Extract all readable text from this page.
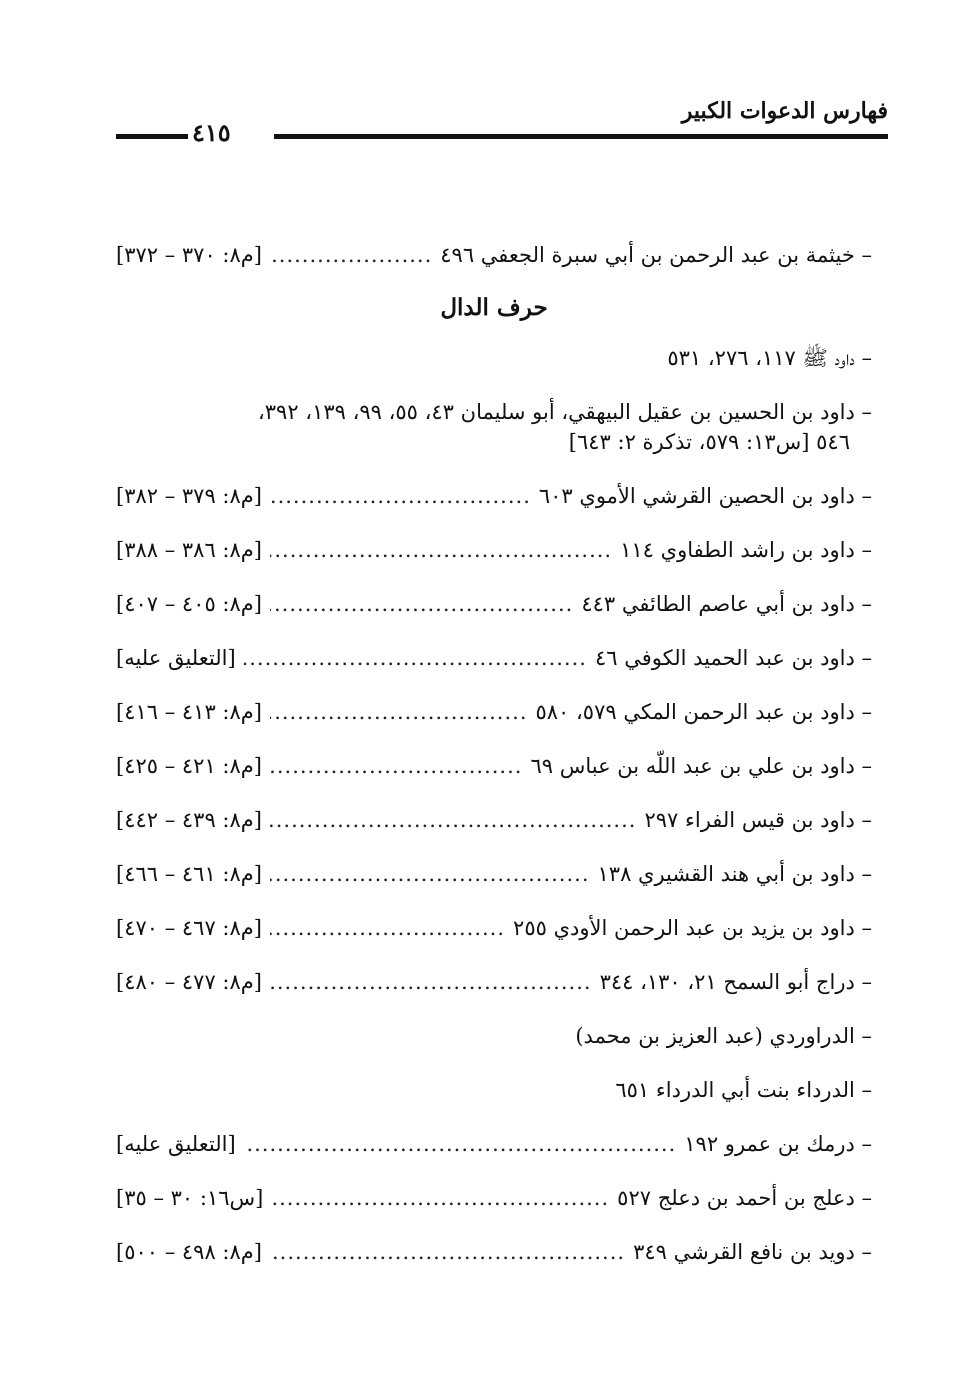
فهارس الدعوات الكبير
٤١٥
– خيثمة بن عبد الرحمن بن أبي سبرة الجعفي ٤٩٦
.....
[م٨: ٣٧٠ – ٣٧٢]
حرف الدال
– داود ﷺ ١١٧، ٢٧٦، ٥٣١
– داود بن الحسين بن عقيل البيهقي، أبو سليمان ٤٣، ٥٥، ٩٩، ١٣٩، ٣٩٢،
٥٤٦ [س١٣: ٥٧٩، تذكرة ٢: ٦٤٣]
– داود بن الحصين القرشي الأموي ٦٠٣
.....
[م٨: ٣٧٩ – ٣٨٢]
– داود بن راشد الطفاوي ١١٤
.....
[م٨: ٣٨٦ – ٣٨٨]
– داود بن أبي عاصم الطائفي ٤٤٣
.....
[م٨: ٤٠٥ – ٤٠٧]
– داود بن عبد الحميد الكوفي ٤٦
.....
[التعليق عليه]
– داود بن عبد الرحمن المكي ٥٧٩، ٥٨٠
.....
[م٨: ٤١٣ – ٤١٦]
– داود بن علي بن عبد اللّه بن عباس ٦٩
.....
[م٨: ٤٢١ – ٤٢٥]
– داود بن قيس الفراء ٢٩٧
.....
[م٨: ٤٣٩ – ٤٤٢]
– داود بن أبي هند القشيري ١٣٨
.....
[م٨: ٤٦١ – ٤٦٦]
– داود بن يزيد بن عبد الرحمن الأودي ٢٥٥
.....
[م٨: ٤٦٧ – ٤٧٠]
– دراج أبو السمح ٢١، ١٣٠، ٣٤٤
.....
[م٨: ٤٧٧ – ٤٨٠]
– الدراوردي (عبد العزيز بن محمد)
– الدرداء بنت أبي الدرداء ٦٥١
– درمك بن عمرو ١٩٢
.....
[التعليق عليه]
– دعلج بن أحمد بن دعلج ٥٢٧
.....
[س١٦: ٣٠ – ٣٥]
– دويد بن نافع القرشي ٣٤٩
.....
[م٨: ٤٩٨ – ٥٠٠]
